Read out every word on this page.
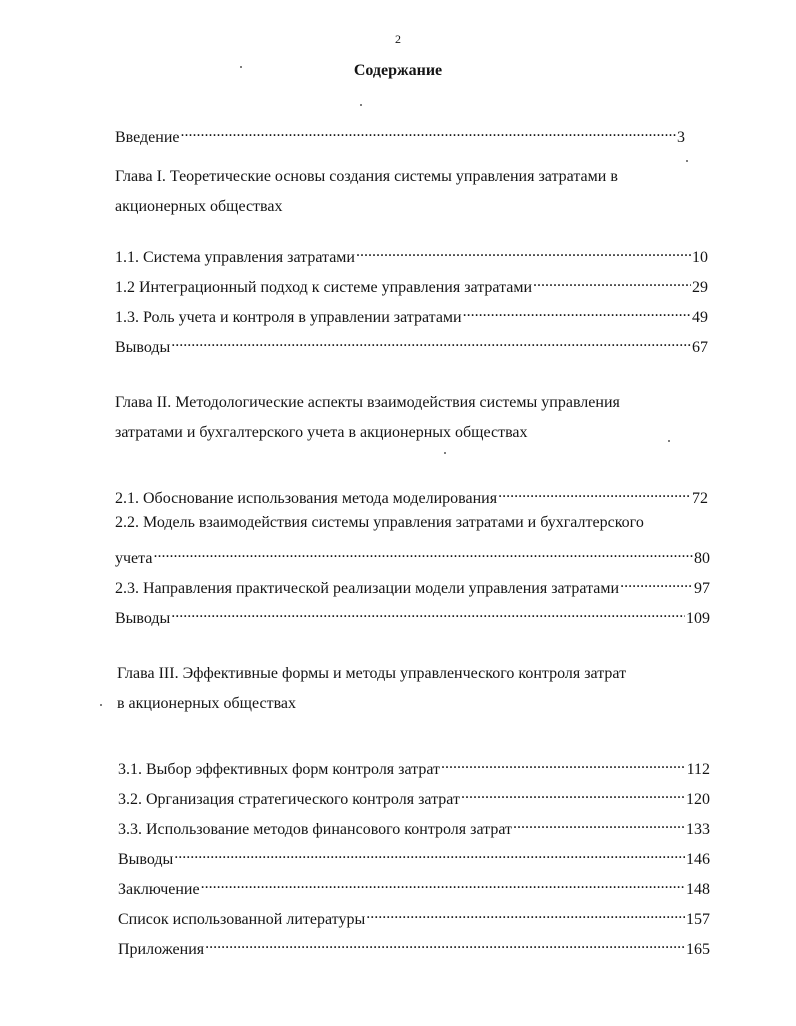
2
Содержание
Введение .....	3
Глава I. Теоретические основы создания системы управления затратами в
акционерных обществах
1.1. Система управления затратами .....	10
1.2 Интеграционный подход к системе управления затратами .....	29
1.3. Роль учета и контроля в управлении затратами .....	49
Выводы .....	67
Глава II. Методологические аспекты взаимодействия системы управления
затратами и бухгалтерского учета в акционерных обществах
2.1. Обоснование использования метода моделирования .....	72
2.2. Модель взаимодействия системы управления затратами и бухгалтерского
учета .....	80
2.3. Направления практической реализации модели управления затратами .....	97
Выводы .....	109
Глава III. Эффективные формы и методы управленческого контроля затрат
в акционерных обществах
3.1. Выбор эффективных форм контроля затрат .....	112
3.2. Организация стратегического контроля затрат .....	120
3.3. Использование методов финансового контроля затрат .....	133
Выводы .....	146
Заключение .....	148
Список использованной литературы .....	157
Приложения .....	165
